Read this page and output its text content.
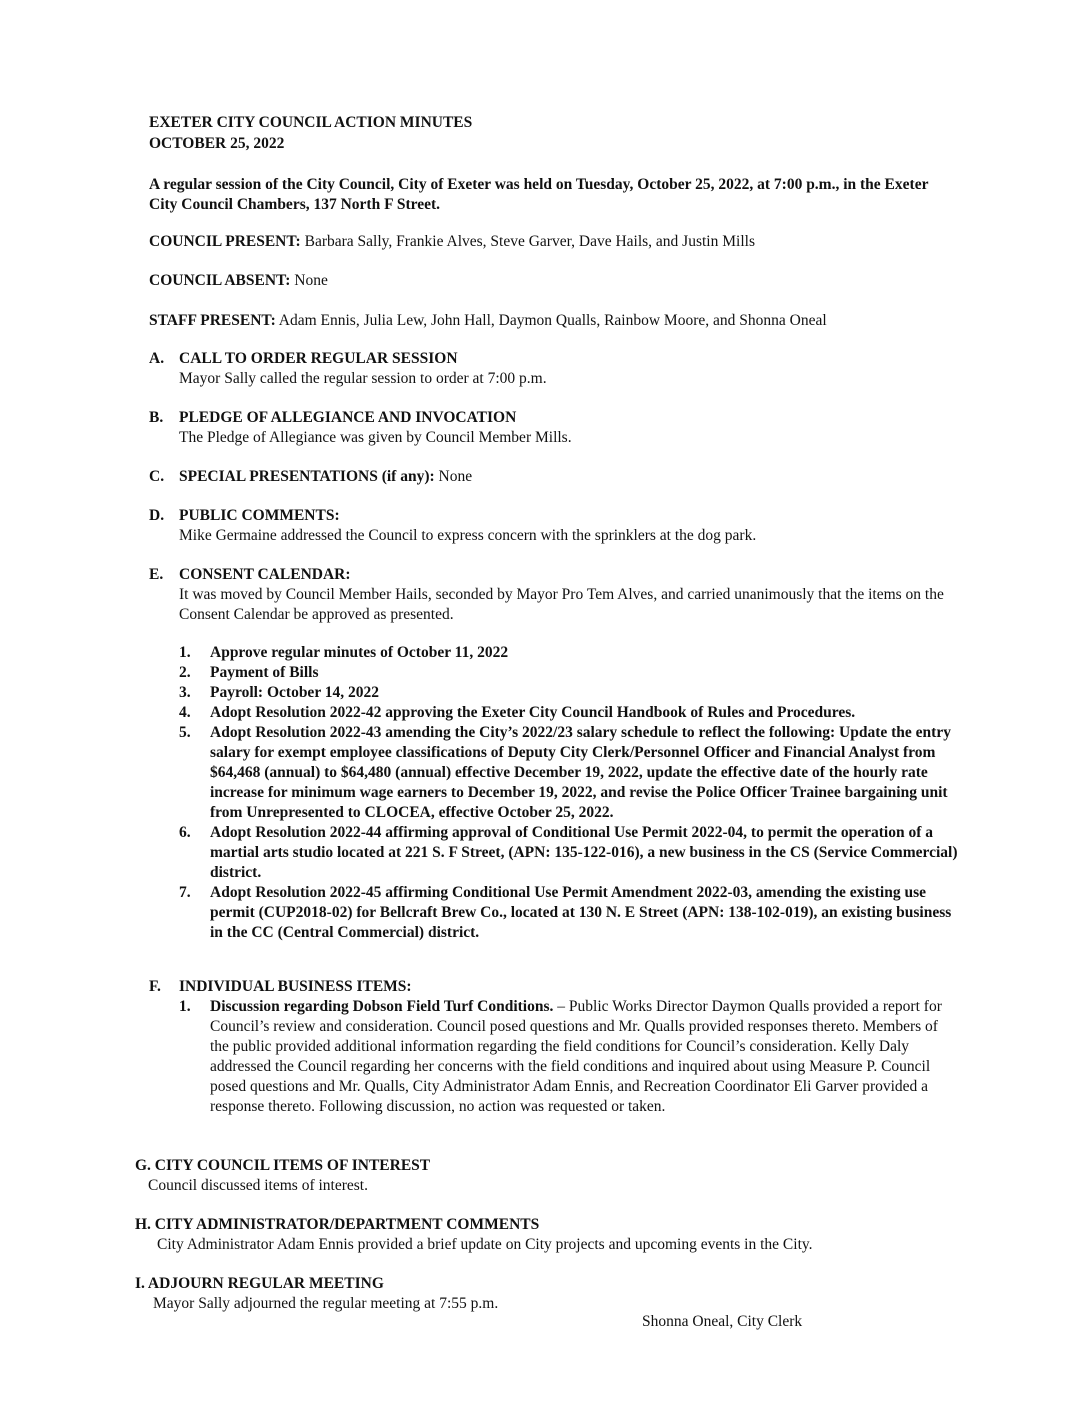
EXETER CITY COUNCIL ACTION MINUTES
OCTOBER 25, 2022

A regular session of the City Council, City of Exeter was held on Tuesday, October 25, 2022, at 7:00 p.m., in the Exeter City Council Chambers, 137 North F Street.

COUNCIL PRESENT: Barbara Sally, Frankie Alves, Steve Garver, Dave Hails, and Justin Mills

COUNCIL ABSENT: None

STAFF PRESENT: Adam Ennis, Julia Lew, John Hall, Daymon Qualls, Rainbow Moore, and Shonna Oneal

A. CALL TO ORDER REGULAR SESSION
Mayor Sally called the regular session to order at 7:00 p.m.
B. PLEDGE OF ALLEGIANCE AND INVOCATION
The Pledge of Allegiance was given by Council Member Mills.
C. SPECIAL PRESENTATIONS (if any): None
D. PUBLIC COMMENTS:
Mike Germaine addressed the Council to express concern with the sprinklers at the dog park.
E. CONSENT CALENDAR:
It was moved by Council Member Hails, seconded by Mayor Pro Tem Alves, and carried unanimously that the items on the Consent Calendar be approved as presented.
1. Approve regular minutes of October 11, 2022
2. Payment of Bills
3. Payroll: October 14, 2022
4. Adopt Resolution 2022-42 approving the Exeter City Council Handbook of Rules and Procedures.
5. Adopt Resolution 2022-43 amending the City’s 2022/23 salary schedule to reflect the following: Update the entry salary for exempt employee classifications of Deputy City Clerk/Personnel Officer and Financial Analyst from $64,468 (annual) to $64,480 (annual) effective December 19, 2022, update the effective date of the hourly rate increase for minimum wage earners to December 19, 2022, and revise the Police Officer Trainee bargaining unit from Unrepresented to CLOCEA, effective October 25, 2022.
6. Adopt Resolution 2022-44 affirming approval of Conditional Use Permit 2022-04, to permit the operation of a martial arts studio located at 221 S. F Street, (APN: 135-122-016), a new business in the CS (Service Commercial) district.
7. Adopt Resolution 2022-45 affirming Conditional Use Permit Amendment 2022-03, amending the existing use permit (CUP2018-02) for Bellcraft Brew Co., located at 130 N. E Street (APN: 138-102-019), an existing business in the CC (Central Commercial) district.
F. INDIVIDUAL BUSINESS ITEMS:
1. Discussion regarding Dobson Field Turf Conditions. – Public Works Director Daymon Qualls provided a report for Council’s review and consideration. Council posed questions and Mr. Qualls provided responses thereto. Members of the public provided additional information regarding the field conditions for Council’s consideration. Kelly Daly addressed the Council regarding her concerns with the field conditions and inquired about using Measure P. Council posed questions and Mr. Qualls, City Administrator Adam Ennis, and Recreation Coordinator Eli Garver provided a response thereto. Following discussion, no action was requested or taken.
G. CITY COUNCIL ITEMS OF INTEREST
Council discussed items of interest.
H. CITY ADMINISTRATOR/DEPARTMENT COMMENTS
City Administrator Adam Ennis provided a brief update on City projects and upcoming events in the City.
I. ADJOURN REGULAR MEETING
Mayor Sally adjourned the regular meeting at 7:55 p.m.
Shonna Oneal, City Clerk
